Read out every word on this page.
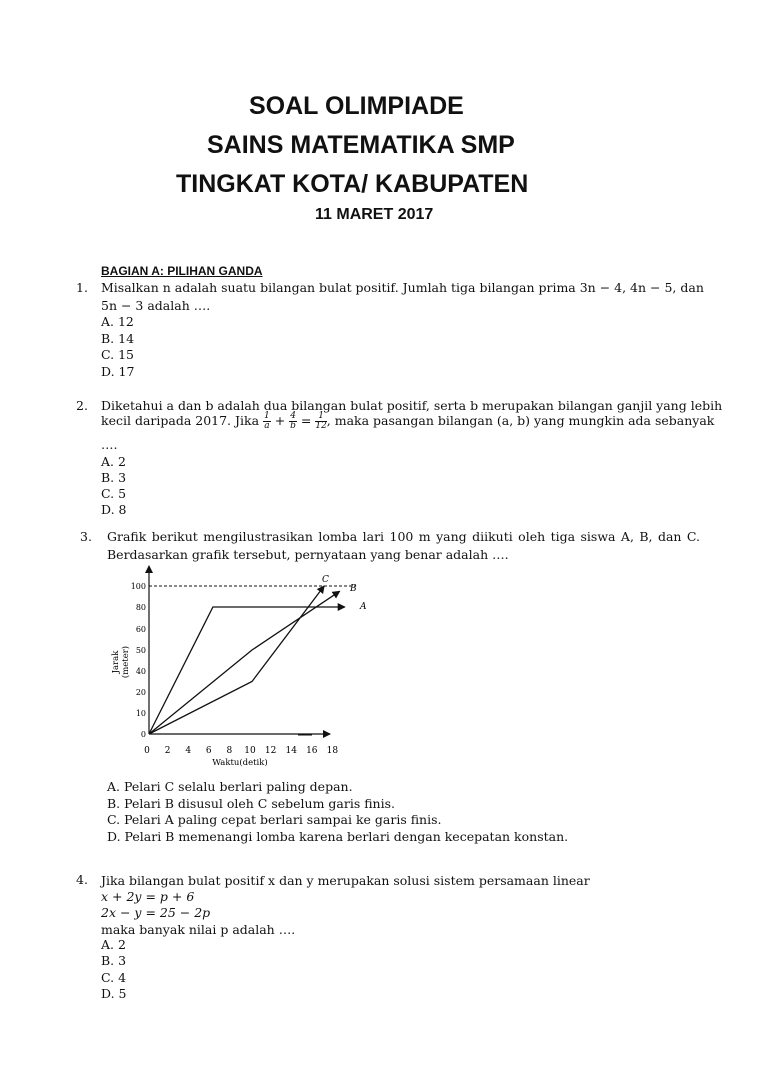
SOAL OLIMPIADE
SAINS MATEMATIKA SMP
TINGKAT KOTA/ KABUPATEN
11 MARET 2017
BAGIAN A: PILIHAN GANDA
1. Misalkan n adalah suatu bilangan bulat positif. Jumlah tiga bilangan prima 3n − 4, 4n − 5, dan
5n − 3 adalah ….
A. 12
B. 14
C. 15
D. 17
2. Diketahui a dan b adalah dua bilangan bulat positif, serta b merupakan bilangan ganjil yang lebih
kecil daripada 2017. Jika $\frac{1}{a} + \frac{4}{b} = \frac{1}{12}$ , maka pasangan bilangan (a, b) yang mungkin ada sebanyak
….
A. 2
B. 3
C. 5
D. 8
3. Grafik berikut mengilustrasikan lomba lari 100 m yang diikuti oleh tiga siswa A, B, dan C.
Berdasarkan grafik tersebut, pernyataan yang benar adalah ….
0 2 4 6 8 10 12 14 16 18
0
10
20
40
50
60
80
100
Waktu(detik)
Jarak (meter)
A
B
C
A. Pelari C selalu berlari paling depan.
B. Pelari B disusul oleh C sebelum garis finis.
C. Pelari A paling cepat berlari sampai ke garis finis.
D. Pelari B memenangi lomba karena berlari dengan kecepatan konstan.
4. Jika bilangan bulat positif x dan y merupakan solusi sistem persamaan linear
x + 2y = p + 6
2x − y = 25 − 2p
maka banyak nilai p adalah ….
A. 2
B. 3
C. 4
D. 5
